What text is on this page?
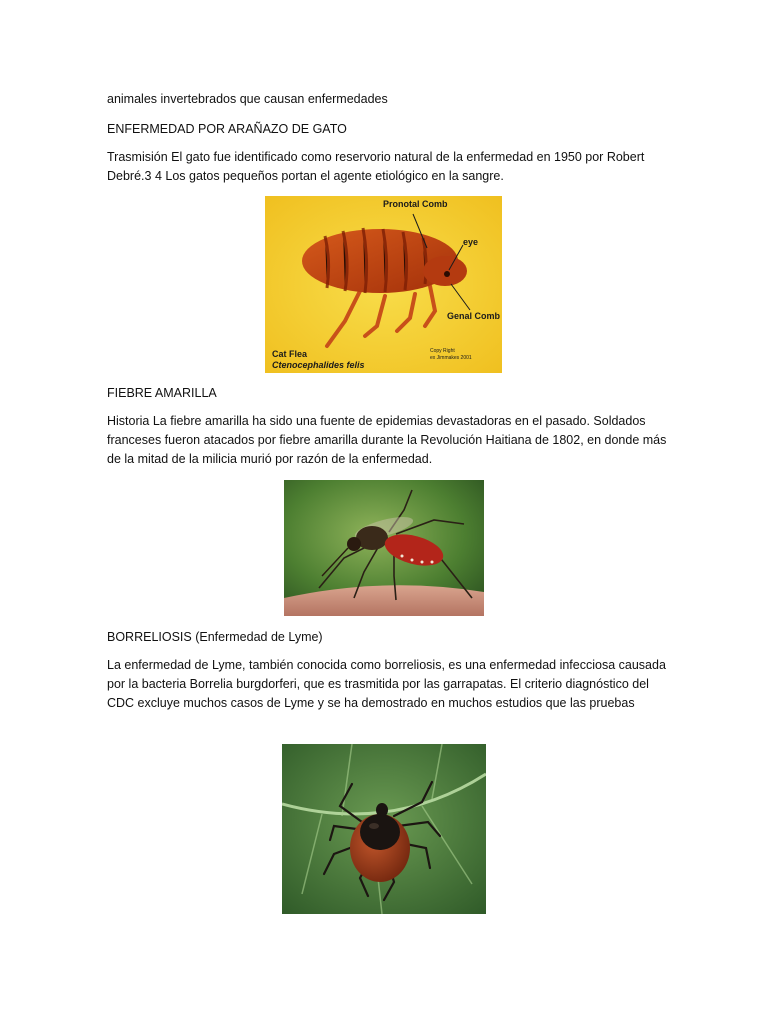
animales invertebrados que causan enfermedades

ENFERMEDAD POR ARAÑAZO DE GATO

Trasmisión El gato fue identificado como reservorio natural de la enfermedad en 1950 por Robert Debré.3 4 Los gatos pequeños portan el agente etiológico en la sangre.

Pronotal Comb
eye
Genal Comb
Cat Flea
Ctenocephalides felis
Copy Right
ex Jimmakes 2001

FIEBRE AMARILLA

Historia La fiebre amarilla ha sido una fuente de epidemias devastadoras en el pasado. Soldados franceses fueron atacados por fiebre amarilla durante la Revolución Haitiana de 1802, en donde más de la mitad de la milicia murió por razón de la enfermedad.

BORRELIOSIS (Enfermedad de Lyme)

La enfermedad de Lyme, también conocida como borreliosis, es una enfermedad infecciosa causada por la bacteria Borrelia burgdorferi, que es trasmitida por las garrapatas. El criterio diagnóstico del CDC excluye muchos casos de Lyme y se ha demostrado en muchos estudios que las pruebas
